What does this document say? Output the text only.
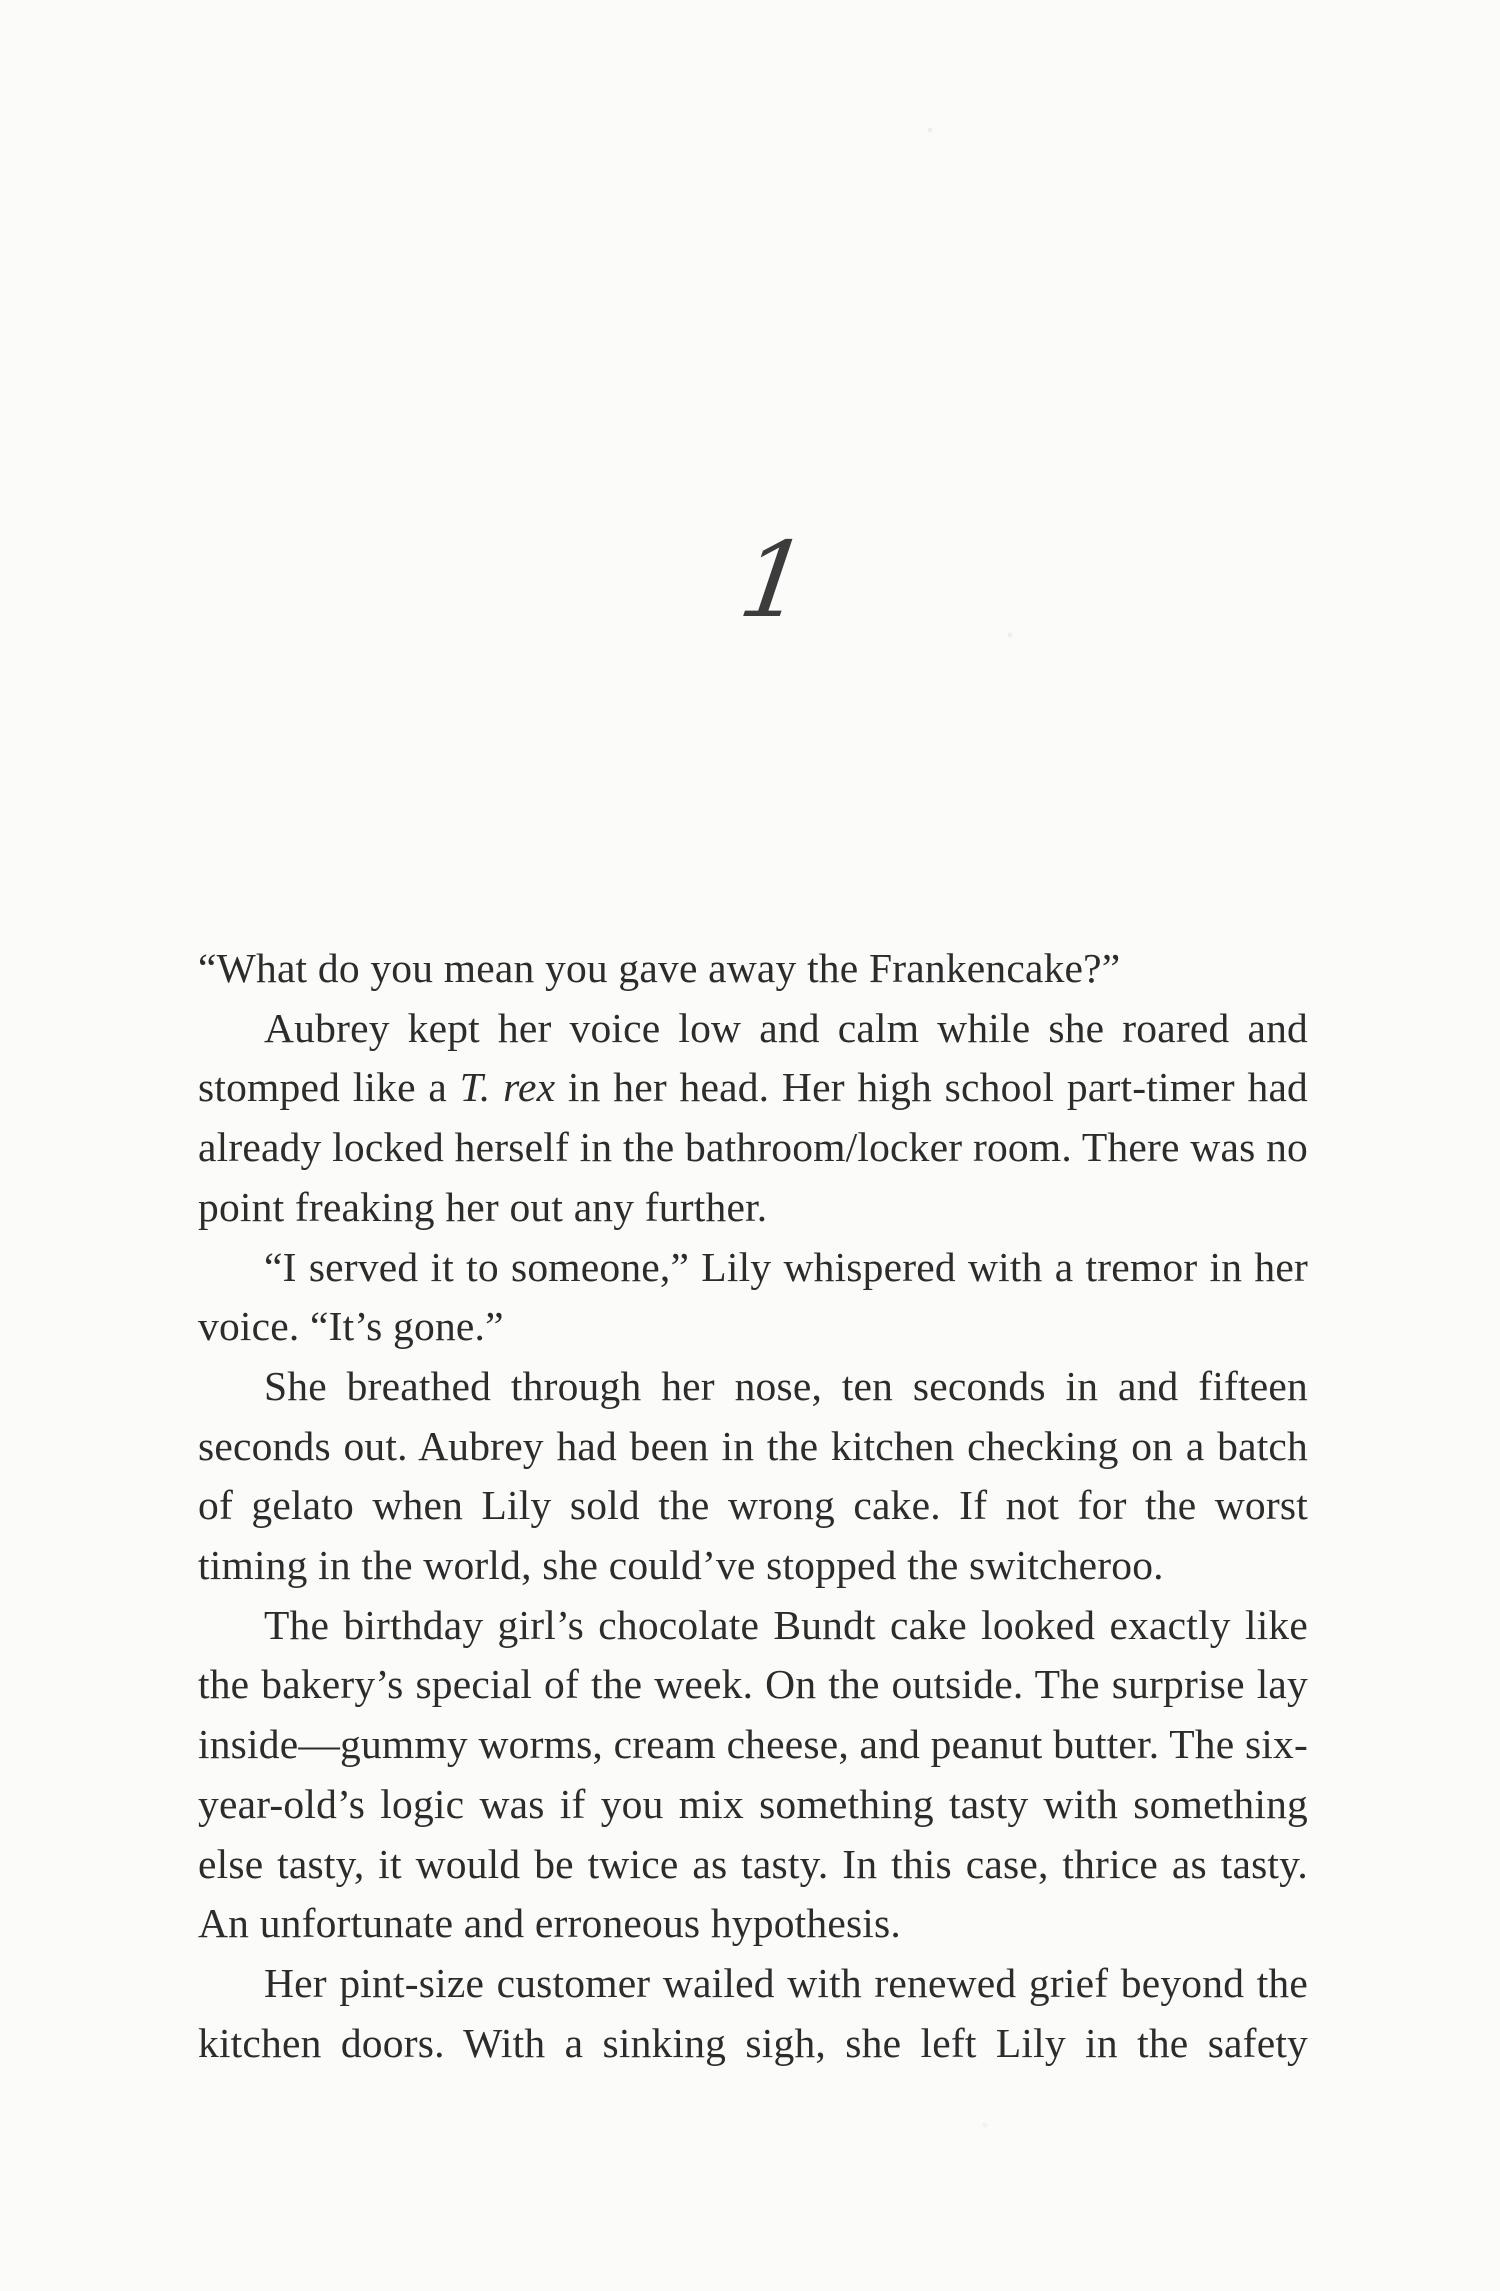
1

“What do you mean you gave away the Frankencake?”

Aubrey kept her voice low and calm while she roared and stomped like a T. rex in her head. Her high school part-timer had already locked herself in the bathroom/locker room. There was no point freaking her out any further.

“I served it to someone,” Lily whispered with a tremor in her voice. “It’s gone.”

She breathed through her nose, ten seconds in and fifteen seconds out. Aubrey had been in the kitchen checking on a batch of gelato when Lily sold the wrong cake. If not for the worst timing in the world, she could’ve stopped the switcheroo.

The birthday girl’s chocolate Bundt cake looked exactly like the bakery’s special of the week. On the outside. The surprise lay inside—gummy worms, cream cheese, and peanut butter. The six-year-old’s logic was if you mix something tasty with something else tasty, it would be twice as tasty. In this case, thrice as tasty. An unfortunate and erroneous hypothesis.

Her pint-size customer wailed with renewed grief beyond the kitchen doors. With a sinking sigh, she left Lily in the safety
